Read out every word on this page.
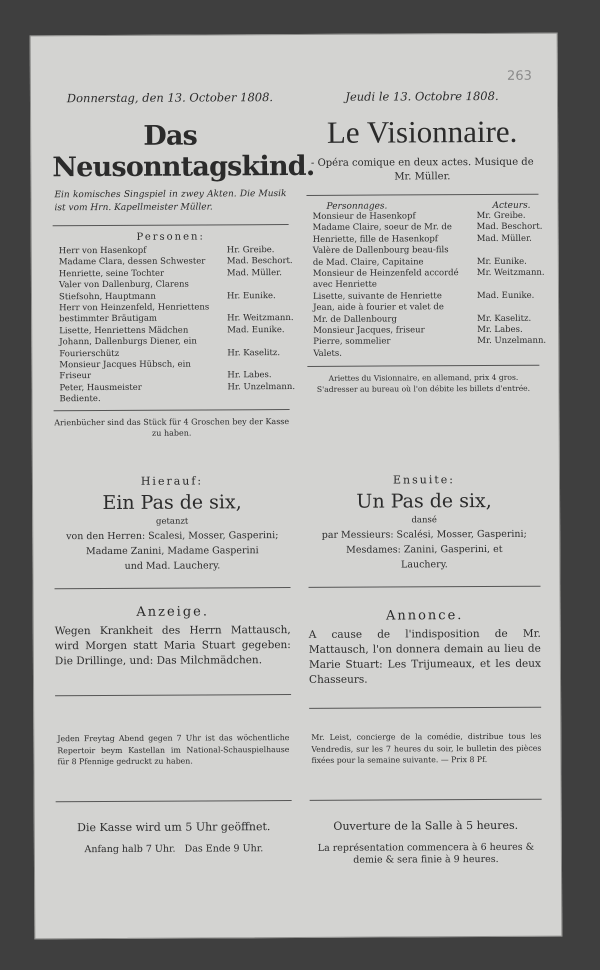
263
Donnerstag, den 13. October 1808.
Das Neusonntagskind.
Ein komisches Singspiel in zwey Akten. Die Musik ist vom Hrn. Kapellmeister Müller.
Personen:
Herr von Hasenkopf	Hr. Greibe.
Madame Clara, dessen Schwester	Mad. Beschort.
Henriette, seine Tochter	Mad. Müller.
Valer von Dallenburg, Clarens
Stiefsohn, Hauptmann	Hr. Eunike.
Herr von Heinzenfeld, Henriettens
bestimmter Bräutigam	Hr. Weitzmann.
Lisette, Henriettens Mädchen	Mad. Eunike.
Johann, Dallenburgs Diener, ein
Fourierschütz	Hr. Kaselitz.
Monsieur Jacques Hübsch, ein
Friseur	Hr. Labes.
Peter, Hausmeister	Hr. Unzelmann.
Bediente.
Arienbücher sind das Stück für 4 Groschen bey der Kasse zu haben.
Jeudi le 13. Octobre 1808.
Le Visionnaire.
- Opéra comique en deux actes. Musique de Mr. Müller.
Personnages.	Acteurs.
Monsieur de Hasenkopf	Mr. Greibe.
Madame Claire, soeur de Mr. de	Mad. Beschort.
Henriette, fille de Hasenkopf	Mad. Müller.
Valère de Dallenbourg beau-fils
de Mad. Claire, Capitaine	Mr. Eunike.
Monsieur de Heinzenfeld accordé avec Henriette
Mr. Weitzmann.
Lisette, suivante de Henriette	Mad. Eunike.
Jean, aide à fourier et valet de
Mr. de Dallenbourg	Mr. Kaselitz.
Monsieur Jacques, friseur	Mr. Labes.
Pierre, sommelier	Mr. Unzelmann.
Valets.
Ariettes du Visionnaire, en allemand, prix 4 gros. S'adresser au bureau où l'on débite les billets d'entrée.
Hierauf:
Ein Pas de six,
getanzt
von den Herren: Scalesi, Mosser, Gasperini;
Madame Zanini, Madame Gasperini
und Mad. Lauchery.
Ensuite:
Un Pas de six,
dansé
par Messieurs: Scalési, Mosser, Gasperini;
Mesdames: Zanini, Gasperini, et
Lauchery.
Anzeige.
Wegen Krankheit des Herrn Mattausch, wird Morgen statt Maria Stuart gegeben: Die Drillinge, und: Das Milchmädchen.
Annonce.
A cause de l'indisposition de Mr. Mattausch, l'on donnera demain au lieu de Marie Stuart: Les Trijumeaux, et les deux Chasseurs.
Jeden Freytag Abend gegen 7 Uhr ist das wöchentliche Repertoir beym Kastellan im National-Schauspielhause für 8 Pfennige gedruckt zu haben.
Mr. Leist, concierge de la comédie, distribue tous les Vendredis, sur les 7 heures du soir, le bulletin des pièces fixées pour la semaine suivante. — Prix 8 Pf.
Die Kasse wird um 5 Uhr geöffnet.
Anfang halb 7 Uhr.   Das Ende 9 Uhr.
Ouverture de la Salle à 5 heures.
La représentation commencera à 6 heures & demie & sera finie à 9 heures.
